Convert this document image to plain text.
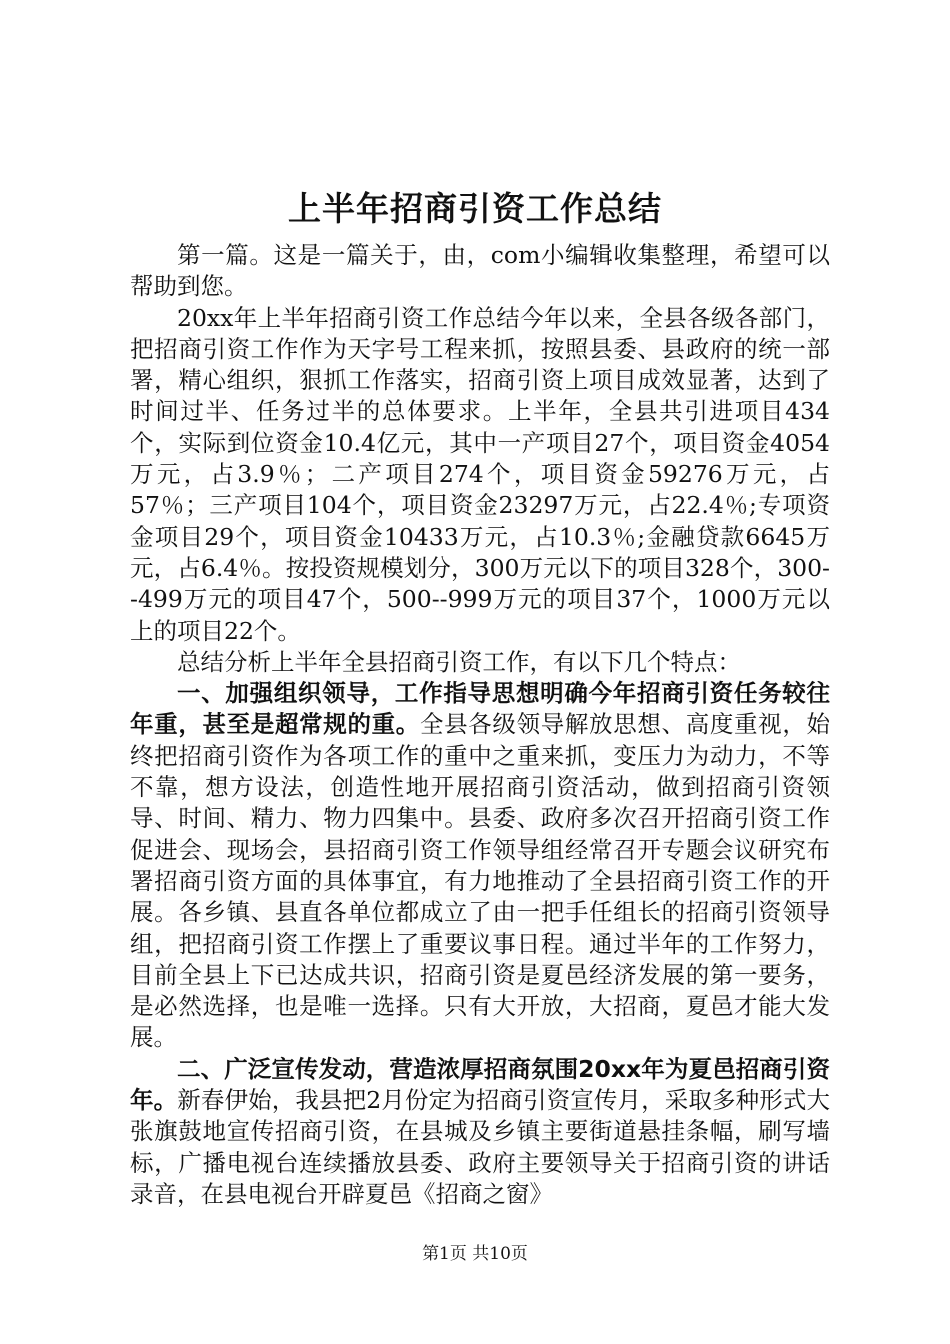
上半年招商引资工作总结

第一篇。这是一篇关于，由，com小编辑收集整理，希望可以帮助到您。

20xx年上半年招商引资工作总结今年以来，全县各级各部门，把招商引资工作作为天字号工程来抓，按照县委、县政府的统一部署，精心组织，狠抓工作落实，招商引资上项目成效显著，达到了时间过半、任务过半的总体要求。上半年，全县共引进项目434个，实际到位资金10.4亿元，其中一产项目27个，项目资金4054万元，占3.9％；二产项目274个，项目资金59276万元，占57％；三产项目104个，项目资金23297万元，占22.4％;专项资金项目29个，项目资金10433万元，占10.3％;金融贷款6645万元，占6.4％。按投资规模划分，300万元以下的项目328个，300--499万元的项目47个，500--999万元的项目37个，1000万元以上的项目22个。

总结分析上半年全县招商引资工作，有以下几个特点：

一、加强组织领导，工作指导思想明确今年招商引资任务较往年重，甚至是超常规的重。全县各级领导解放思想、高度重视，始终把招商引资作为各项工作的重中之重来抓，变压力为动力，不等不靠，想方设法，创造性地开展招商引资活动，做到招商引资领导、时间、精力、物力四集中。县委、政府多次召开招商引资工作促进会、现场会，县招商引资工作领导组经常召开专题会议研究布署招商引资方面的具体事宜，有力地推动了全县招商引资工作的开展。各乡镇、县直各单位都成立了由一把手任组长的招商引资领导组，把招商引资工作摆上了重要议事日程。通过半年的工作努力，目前全县上下已达成共识，招商引资是夏邑经济发展的第一要务，是必然选择，也是唯一选择。只有大开放，大招商，夏邑才能大发展。

二、广泛宣传发动，营造浓厚招商氛围20xx年为夏邑招商引资年。新春伊始，我县把2月份定为招商引资宣传月，采取多种形式大张旗鼓地宣传招商引资，在县城及乡镇主要街道悬挂条幅，刷写墙标，广播电视台连续播放县委、政府主要领导关于招商引资的讲话录音，在县电视台开辟夏邑《招商之窗》

第1页 共10页
